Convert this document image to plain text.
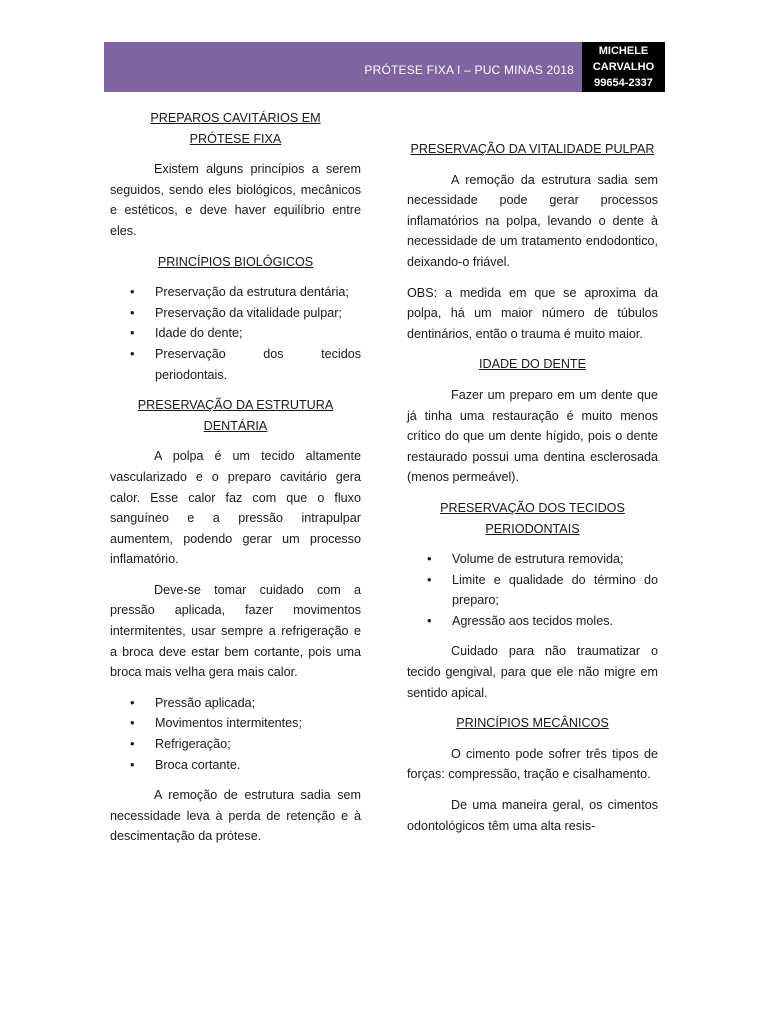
PRÓTESE FIXA I – PUC MINAS 2018
MICHELE
CARVALHO
99654-2337
PREPAROS CAVITÁRIOS EM PRÓTESE FIXA

Existem alguns princípios a serem seguidos, sendo eles biológicos, mecânicos e estéticos, e deve haver equilíbrio entre eles.

PRINCÍPIOS BIOLÓGICOS
• Preservação da estrutura dentária;
• Preservação da vitalidade pulpar;
• Idade do dente;
• Preservação dos tecidos periodontais.
PRESERVAÇÃO DA ESTRUTURA DENTÁRIA

A polpa é um tecido altamente vascularizado e o preparo cavitário gera calor. Esse calor faz com que o fluxo sanguíneo e a pressão intrapulpar aumentem, podendo gerar um processo inflamatório.

Deve-se tomar cuidado com a pressão aplicada, fazer movimentos intermitentes, usar sempre a refrigeração e a broca deve estar bem cortante, pois uma broca mais velha gera mais calor.

• Pressão aplicada;
• Movimentos intermitentes;
• Refrigeração;
• Broca cortante.

A remoção de estrutura sadia sem necessidade leva à perda de retenção e à descimentação da prótese.

PRESERVAÇÃO DA VITALIDADE PULPAR

A remoção da estrutura sadia sem necessidade pode gerar processos inflamatórios na polpa, levando o dente à necessidade de um tratamento endodontico, deixando-o friável.

OBS: a medida em que se aproxima da polpa, há um maior número de túbulos dentinários, então o trauma é muito maior.

IDADE DO DENTE

Fazer um preparo em um dente que já tinha uma restauração é muito menos crítico do que um dente hígido, pois o dente restaurado possui uma dentina esclerosada (menos permeável).

PRESERVAÇÃO DOS TECIDOS PERIODONTAIS
• Volume de estrutura removida;
• Limite e qualidade do término do preparo;
• Agressão aos tecidos moles.

Cuidado para não traumatizar o tecido gengival, para que ele não migre em sentido apical.

PRINCÍPIOS MECÂNICOS

O cimento pode sofrer três tipos de forças: compressão, tração e cisalhamento.

De uma maneira geral, os cimentos odontológicos têm uma alta resis-
